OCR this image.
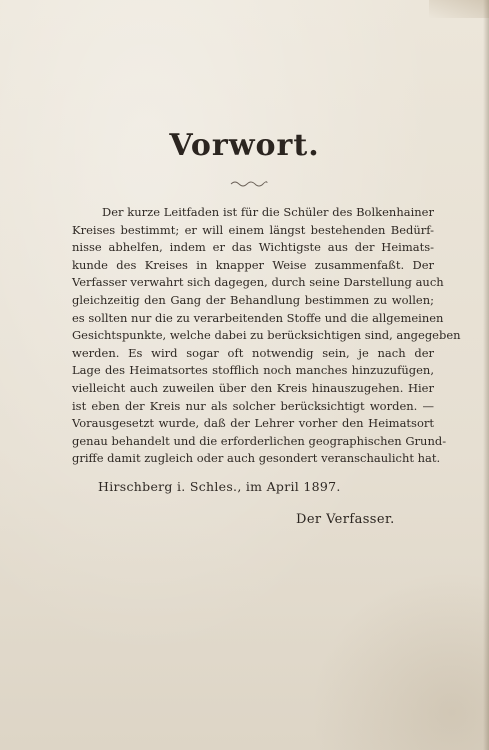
Vorwort.
Der kurze Leitfaden ist für die Schüler des Bolkenhainer
Kreises bestimmt; er will einem längst bestehenden Bedürf-
nisse abhelfen, indem er das Wichtigste aus der Heimats-
kunde des Kreises in knapper Weise zusammenfaßt. Der
Verfasser verwahrt sich dagegen, durch seine Darstellung auch
gleichzeitig den Gang der Behandlung bestimmen zu wollen;
es sollten nur die zu verarbeitenden Stoffe und die allgemeinen
Gesichtspunkte, welche dabei zu berücksichtigen sind, angegeben
werden. Es wird sogar oft notwendig sein, je nach der
Lage des Heimatsortes stofflich noch manches hinzuzufügen,
vielleicht auch zuweilen über den Kreis hinauszugehen. Hier
ist eben der Kreis nur als solcher berücksichtigt worden. —
Vorausgesetzt wurde, daß der Lehrer vorher den Heimatsort
genau behandelt und die erforderlichen geographischen Grund-
griffe damit zugleich oder auch gesondert veranschaulicht hat.
Hirschberg i. Schles., im April 1897.
Der Verfasser.
